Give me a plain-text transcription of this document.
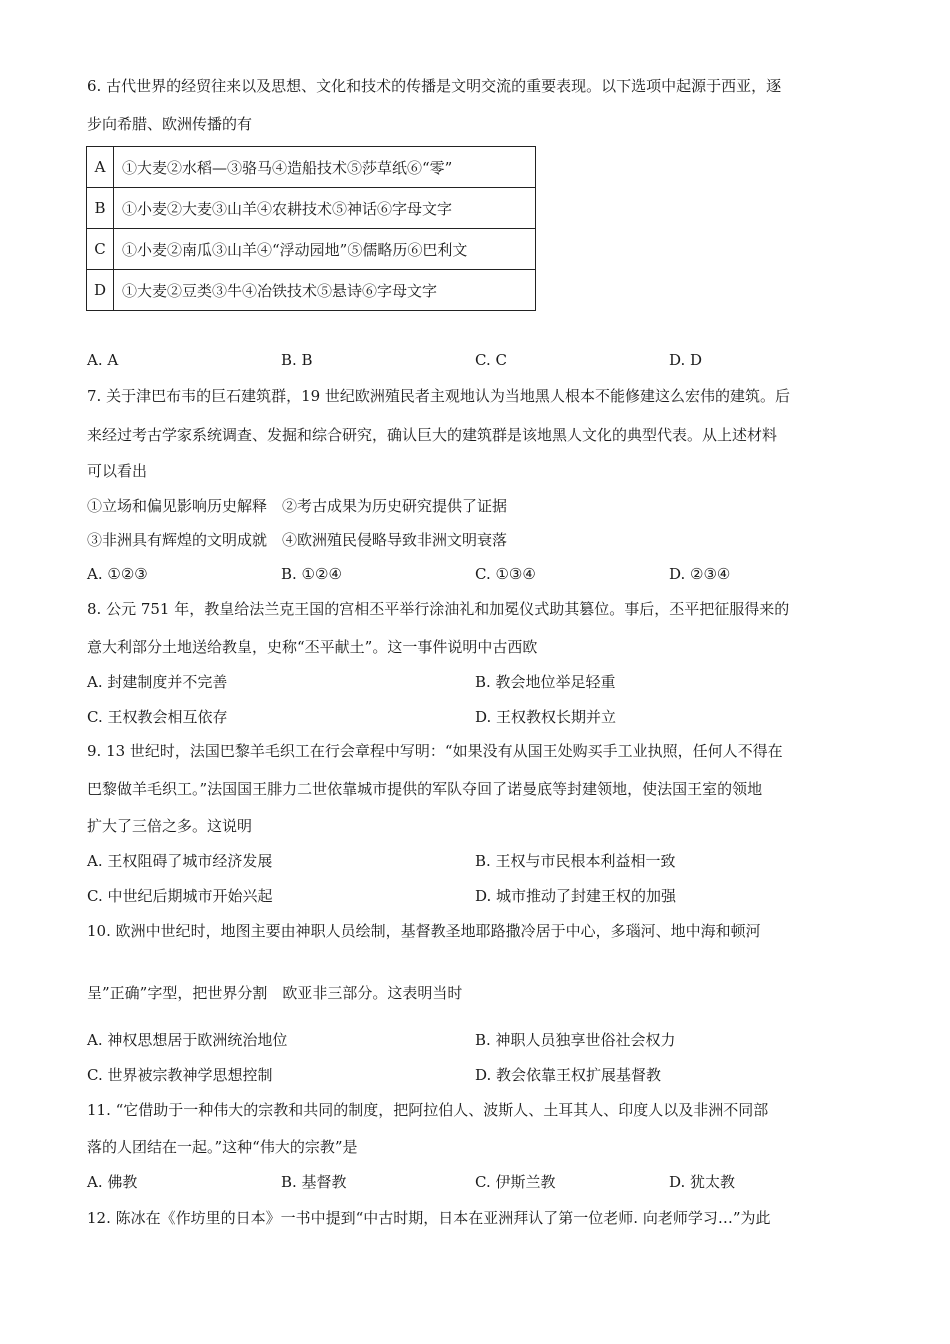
6. 古代世界的经贸往来以及思想、文化和技术的传播是文明交流的重要表现。以下选项中起源于西亚，逐
步向希腊、欧洲传播的有
A	①大麦②水稻—③骆马④造船技术⑤莎草纸⑥“零”
B	①小麦②大麦③山羊④农耕技术⑤神话⑥字母文字
C	①小麦②南瓜③山羊④“浮动园地”⑤儒略历⑥巴利文
D	①大麦②豆类③牛④冶铁技术⑤悬诗⑥字母文字
A. A	B. B	C. C	D. D
7. 关于津巴布韦的巨石建筑群，19 世纪欧洲殖民者主观地认为当地黑人根本不能修建这么宏伟的建筑。后
来经过考古学家系统调查、发掘和综合研究，确认巨大的建筑群是该地黑人文化的典型代表。从上述材料
可以看出
①立场和偏见影响历史解释　②考古成果为历史研究提供了证据
③非洲具有辉煌的文明成就　④欧洲殖民侵略导致非洲文明衰落
A. ①②③	B. ①②④	C. ①③④	D. ②③④
8. 公元 751 年，教皇给法兰克王国的宫相丕平举行涂油礼和加冕仪式助其篡位。事后，丕平把征服得来的
意大利部分土地送给教皇，史称“丕平献土”。这一事件说明中古西欧
A. 封建制度并不完善	B. 教会地位举足轻重
C. 王权教会相互依存	D. 王权教权长期并立
9. 13 世纪时，法国巴黎羊毛织工在行会章程中写明：“如果没有从国王处购买手工业执照，任何人不得在
巴黎做羊毛织工。”法国国王腓力二世依靠城市提供的军队夺回了诺曼底等封建领地，使法国王室的领地
扩大了三倍之多。这说明
A. 王权阻碍了城市经济发展	B. 王权与市民根本利益相一致
C. 中世纪后期城市开始兴起	D. 城市推动了封建王权的加强
10. 欧洲中世纪时，地图主要由神职人员绘制，基督教圣地耶路撒冷居于中心，多瑙河、地中海和顿河
呈”正确”字型，把世界分割　欧亚非三部分。这表明当时
A. 神权思想居于欧洲统治地位	B. 神职人员独享世俗社会权力
C. 世界被宗教神学思想控制	D. 教会依靠王权扩展基督教
11. “它借助于一种伟大的宗教和共同的制度，把阿拉伯人、波斯人、土耳其人、印度人以及非洲不同部
落的人团结在一起。”这种“伟大的宗教”是
A. 佛教	B. 基督教	C. 伊斯兰教	D. 犹太教
12. 陈冰在《作坊里的日本》一书中提到“中古时期，日本在亚洲拜认了第一位老师. 向老师学习…”为此
